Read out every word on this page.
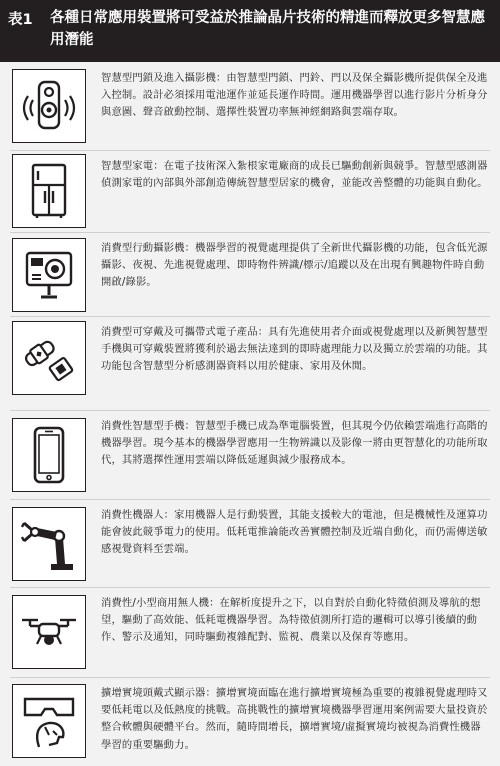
表1 各種日常應用裝置將可受益於推論晶片技術的精進而釋放更多智慧應用潛能
智慧型門鎖及進入攝影機：由智慧型門鎖、門鈴、門以及保全攝影機所提供保全及進入控制。設計必須採用電池運作並延長運作時間。運用機器學習以進行影片分析身分與意圖、聲音啟動控制、選擇性裝置功率無神經網路與雲端存取。
智慧型家電：在電子技術深入紮根家電廠商的成長已驅動創新與競爭。智慧型感測器偵測家電的內部與外部創造傳統智慧型居家的機會，並能改善整體的功能與自動化。
消費型行動攝影機：機器學習的視覺處理提供了全新世代攝影機的功能，包含低光源攝影、夜視、先進視覺處理、即時物件辨識/標示/追蹤以及在出現有興趣物件時自動開啟/錄影。
消費型可穿戴及可攜帶式電子產品：具有先進使用者介面或視覺處理以及新興智慧型手機與可穿戴裝置將獲利於過去無法達到的即時處理能力以及獨立於雲端的功能。其功能包含智慧型分析感測器資料以用於健康、家用及休閒。
消費性智慧型手機：智慧型手機已成為準電腦裝置，但其現今仍依賴雲端進行高階的機器學習。現今基本的機器學習應用一生物辨識以及影像一將由更智慧化的功能所取代，其將選擇性運用雲端以降低延遲與減少服務成本。
消費性機器人：家用機器人是行動裝置，其能支援較大的電池，但是機械性及運算功能會彼此競爭電力的使用。低耗電推論能改善實體控制及近端自動化，而仍需傳送敏感視覺資料至雲端。
消費性/小型商用無人機：在解析度提升之下，以自對於自動化特徵偵測及導航的想望，驅動了高效能、低耗電機器學習。為特徵偵測所打造的邏輯可以導引後續的動作、警示及通知，同時驅動複雜配對、監視、農業以及保育等應用。
擴增實境頭戴式顯示器：擴增實境面臨在進行擴增實境極為重要的複雜視覺處理時又要低耗電以及低熱度的挑戰。高挑戰性的擴增實境機器學習運用案例需要大量投資於整合軟體與硬體平台。然而，隨時間增長，擴增實境/虛擬實境均被視為消費性機器學習的重要驅動力。
